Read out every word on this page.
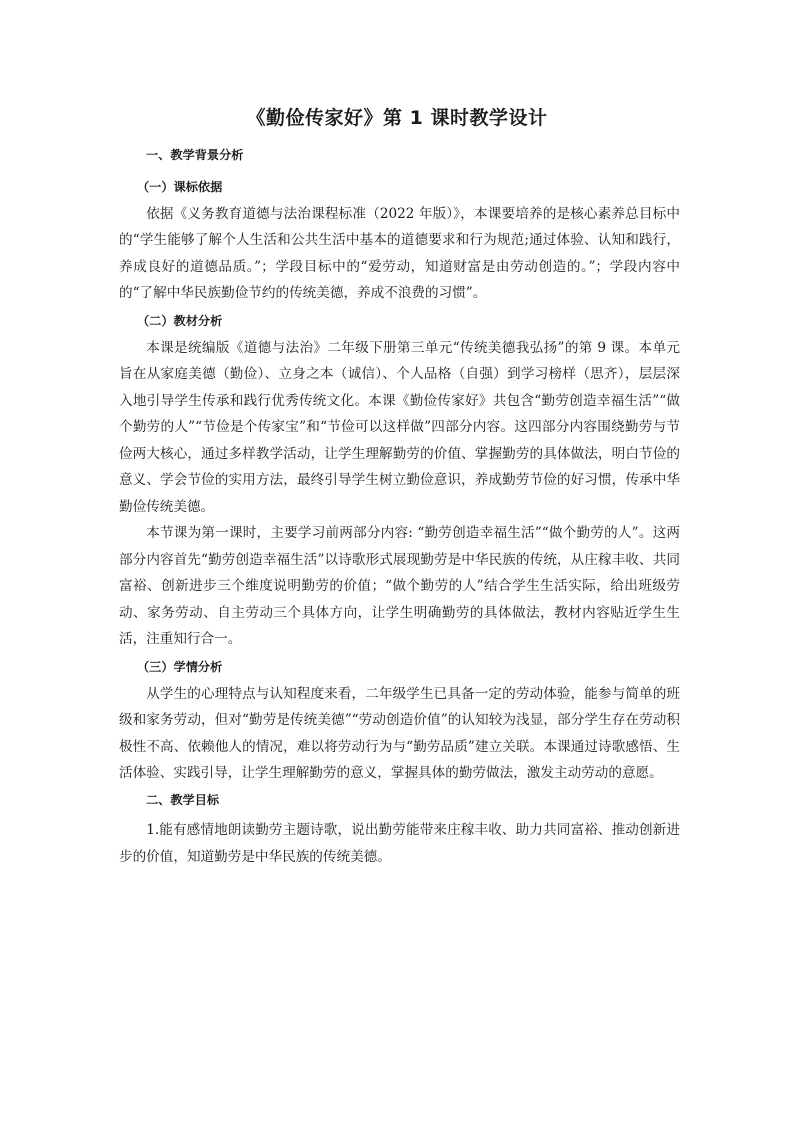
《勤俭传家好》第 1 课时教学设计
一、教学背景分析
（一）课标依据

依据《义务教育道德与法治课程标准（2022 年版）》，本课要培养的是核心素养总目标中的“学生能够了解个人生活和公共生活中基本的道德要求和行为规范;通过体验、认知和践行，养成良好的道德品质。”；学段目标中的“爱劳动，知道财富是由劳动创造的。”；学段内容中的“了解中华民族勤俭节约的传统美德，养成不浪费的习惯”。

（二）教材分析

本课是统编版《道德与法治》二年级下册第三单元“传统美德我弘扬”的第 9 课。本单元旨在从家庭美德（勤俭）、立身之本（诚信）、个人品格（自强）到学习榜样（思齐），层层深入地引导学生传承和践行优秀传统文化。本课《勤俭传家好》共包含“勤劳创造幸福生活”“做个勤劳的人”“节俭是个传家宝”和“节俭可以这样做”四部分内容。这四部分内容围绕勤劳与节俭两大核心，通过多样教学活动，让学生理解勤劳的价值、掌握勤劳的具体做法，明白节俭的意义、学会节俭的实用方法，最终引导学生树立勤俭意识，养成勤劳节俭的好习惯，传承中华勤俭传统美德。

本节课为第一课时，主要学习前两部分内容: “勤劳创造幸福生活”“做个勤劳的人”。这两部分内容首先“勤劳创造幸福生活”以诗歌形式展现勤劳是中华民族的传统，从庄稼丰收、共同富裕、创新进步三个维度说明勤劳的价值；“做个勤劳的人”结合学生生活实际，给出班级劳动、家务劳动、自主劳动三个具体方向，让学生明确勤劳的具体做法，教材内容贴近学生生活，注重知行合一。

（三）学情分析

从学生的心理特点与认知程度来看，二年级学生已具备一定的劳动体验，能参与简单的班级和家务劳动，但对“勤劳是传统美德”“劳动创造价值”的认知较为浅显，部分学生存在劳动积极性不高、依赖他人的情况，难以将劳动行为与“勤劳品质”建立关联。本课通过诗歌感悟、生活体验、实践引导，让学生理解勤劳的意义，掌握具体的勤劳做法，激发主动劳动的意愿。

二、教学目标

1.能有感情地朗读勤劳主题诗歌，说出勤劳能带来庄稼丰收、助力共同富裕、推动创新进步的价值，知道勤劳是中华民族的传统美德。
